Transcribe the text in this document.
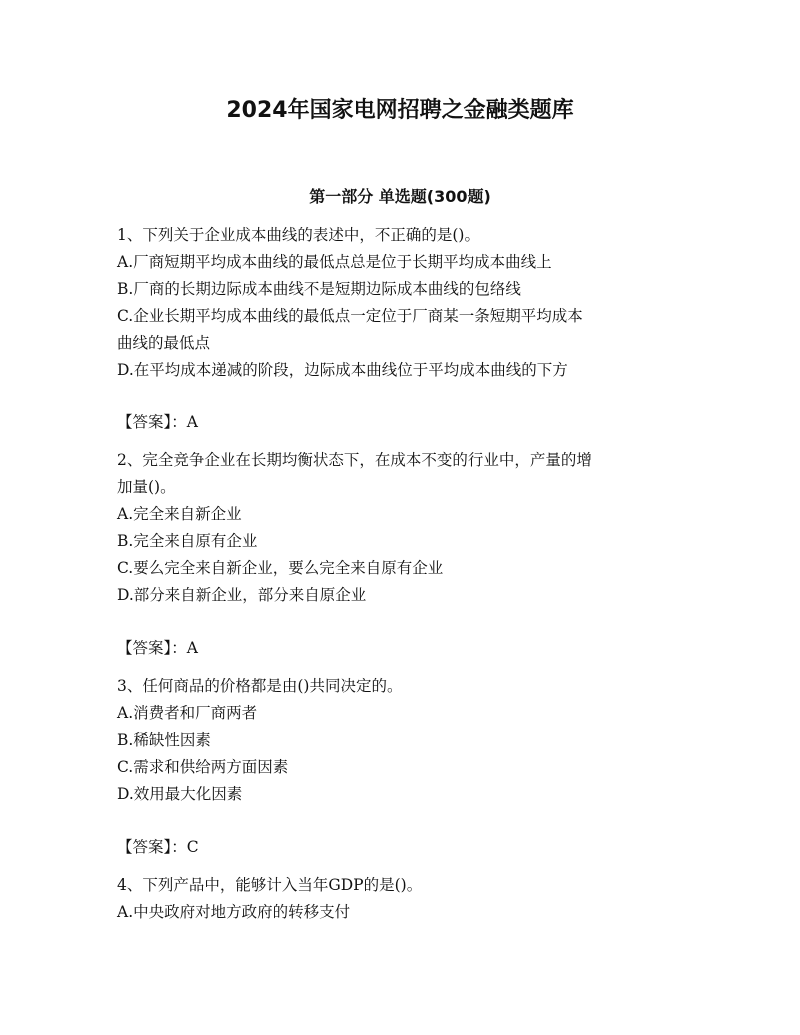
2024年国家电网招聘之金融类题库
第一部分 单选题(300题)

1、下列关于企业成本曲线的表述中，不正确的是()。

A.厂商短期平均成本曲线的最低点总是位于长期平均成本曲线上

B.厂商的长期边际成本曲线不是短期边际成本曲线的包络线

C.企业长期平均成本曲线的最低点一定位于厂商某一条短期平均成本

曲线的最低点

D.在平均成本递减的阶段，边际成本曲线位于平均成本曲线的下方

【答案】：A

2、完全竞争企业在长期均衡状态下，在成本不变的行业中，产量的增

加量()。

A.完全来自新企业

B.完全来自原有企业

C.要么完全来自新企业，要么完全来自原有企业

D.部分来自新企业，部分来自原企业

【答案】：A

3、任何商品的价格都是由()共同决定的。

A.消费者和厂商两者

B.稀缺性因素

C.需求和供给两方面因素

D.效用最大化因素

【答案】：C

4、下列产品中，能够计入当年GDP的是()。

A.中央政府对地方政府的转移支付
